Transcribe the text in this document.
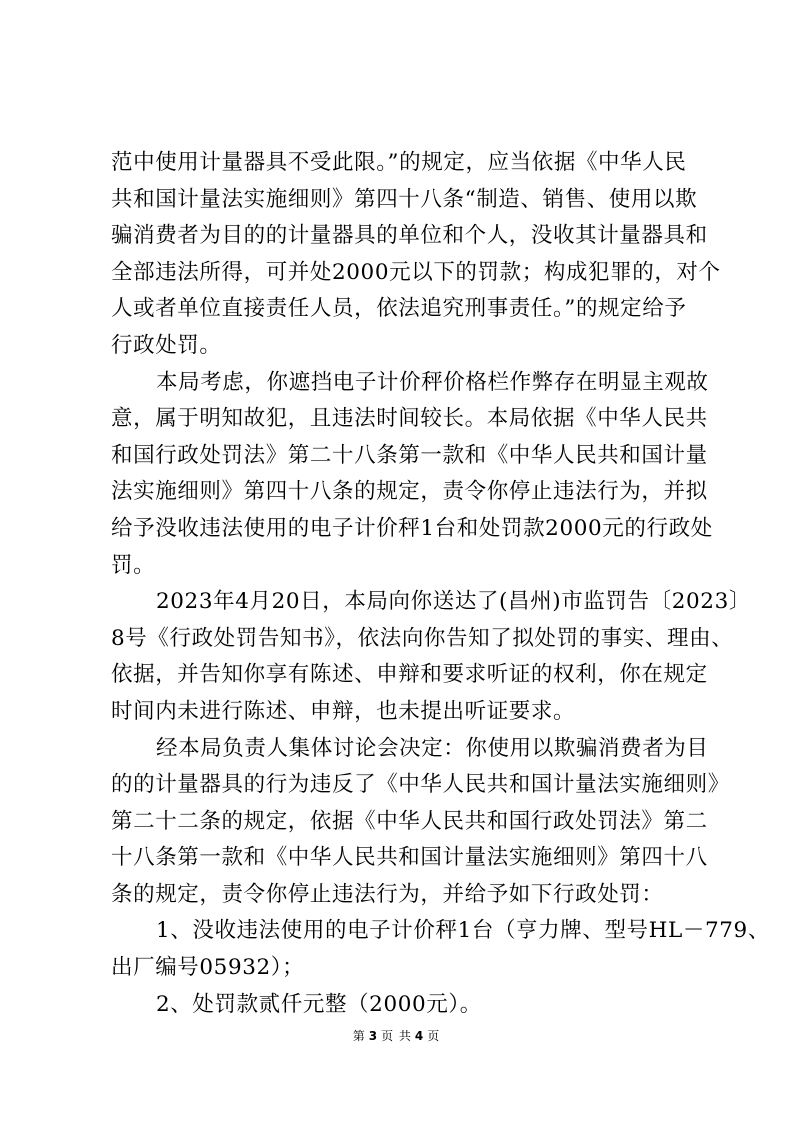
范中使用计量器具不受此限。”的规定，应当依据《中华人民
共和国计量法实施细则》第四十八条“制造、销售、使用以欺
骗消费者为目的的计量器具的单位和个人，没收其计量器具和
全部违法所得，可并处2000元以下的罚款；构成犯罪的，对个
人或者单位直接责任人员，依法追究刑事责任。”的规定给予
行政处罚。
本局考虑，你遮挡电子计价秤价格栏作弊存在明显主观故
意，属于明知故犯，且违法时间较长。本局依据《中华人民共
和国行政处罚法》第二十八条第一款和《中华人民共和国计量
法实施细则》第四十八条的规定，责令你停止违法行为，并拟
给予没收违法使用的电子计价秤1台和处罚款2000元的行政处
罚。
2023年4月20日，本局向你送达了(昌州)市监罚告〔2023〕
8号《行政处罚告知书》，依法向你告知了拟处罚的事实、理由、
依据，并告知你享有陈述、申辩和要求听证的权利，你在规定
时间内未进行陈述、申辩，也未提出听证要求。
经本局负责人集体讨论会决定：你使用以欺骗消费者为目
的的计量器具的行为违反了《中华人民共和国计量法实施细则》
第二十二条的规定，依据《中华人民共和国行政处罚法》第二
十八条第一款和《中华人民共和国计量法实施细则》第四十八
条的规定，责令你停止违法行为，并给予如下行政处罚：
1、没收违法使用的电子计价秤1台（亨力牌、型号HL－779、
出厂编号05932）；
2、处罚款贰仟元整（2000元）。
第 3 页 共 4 页
